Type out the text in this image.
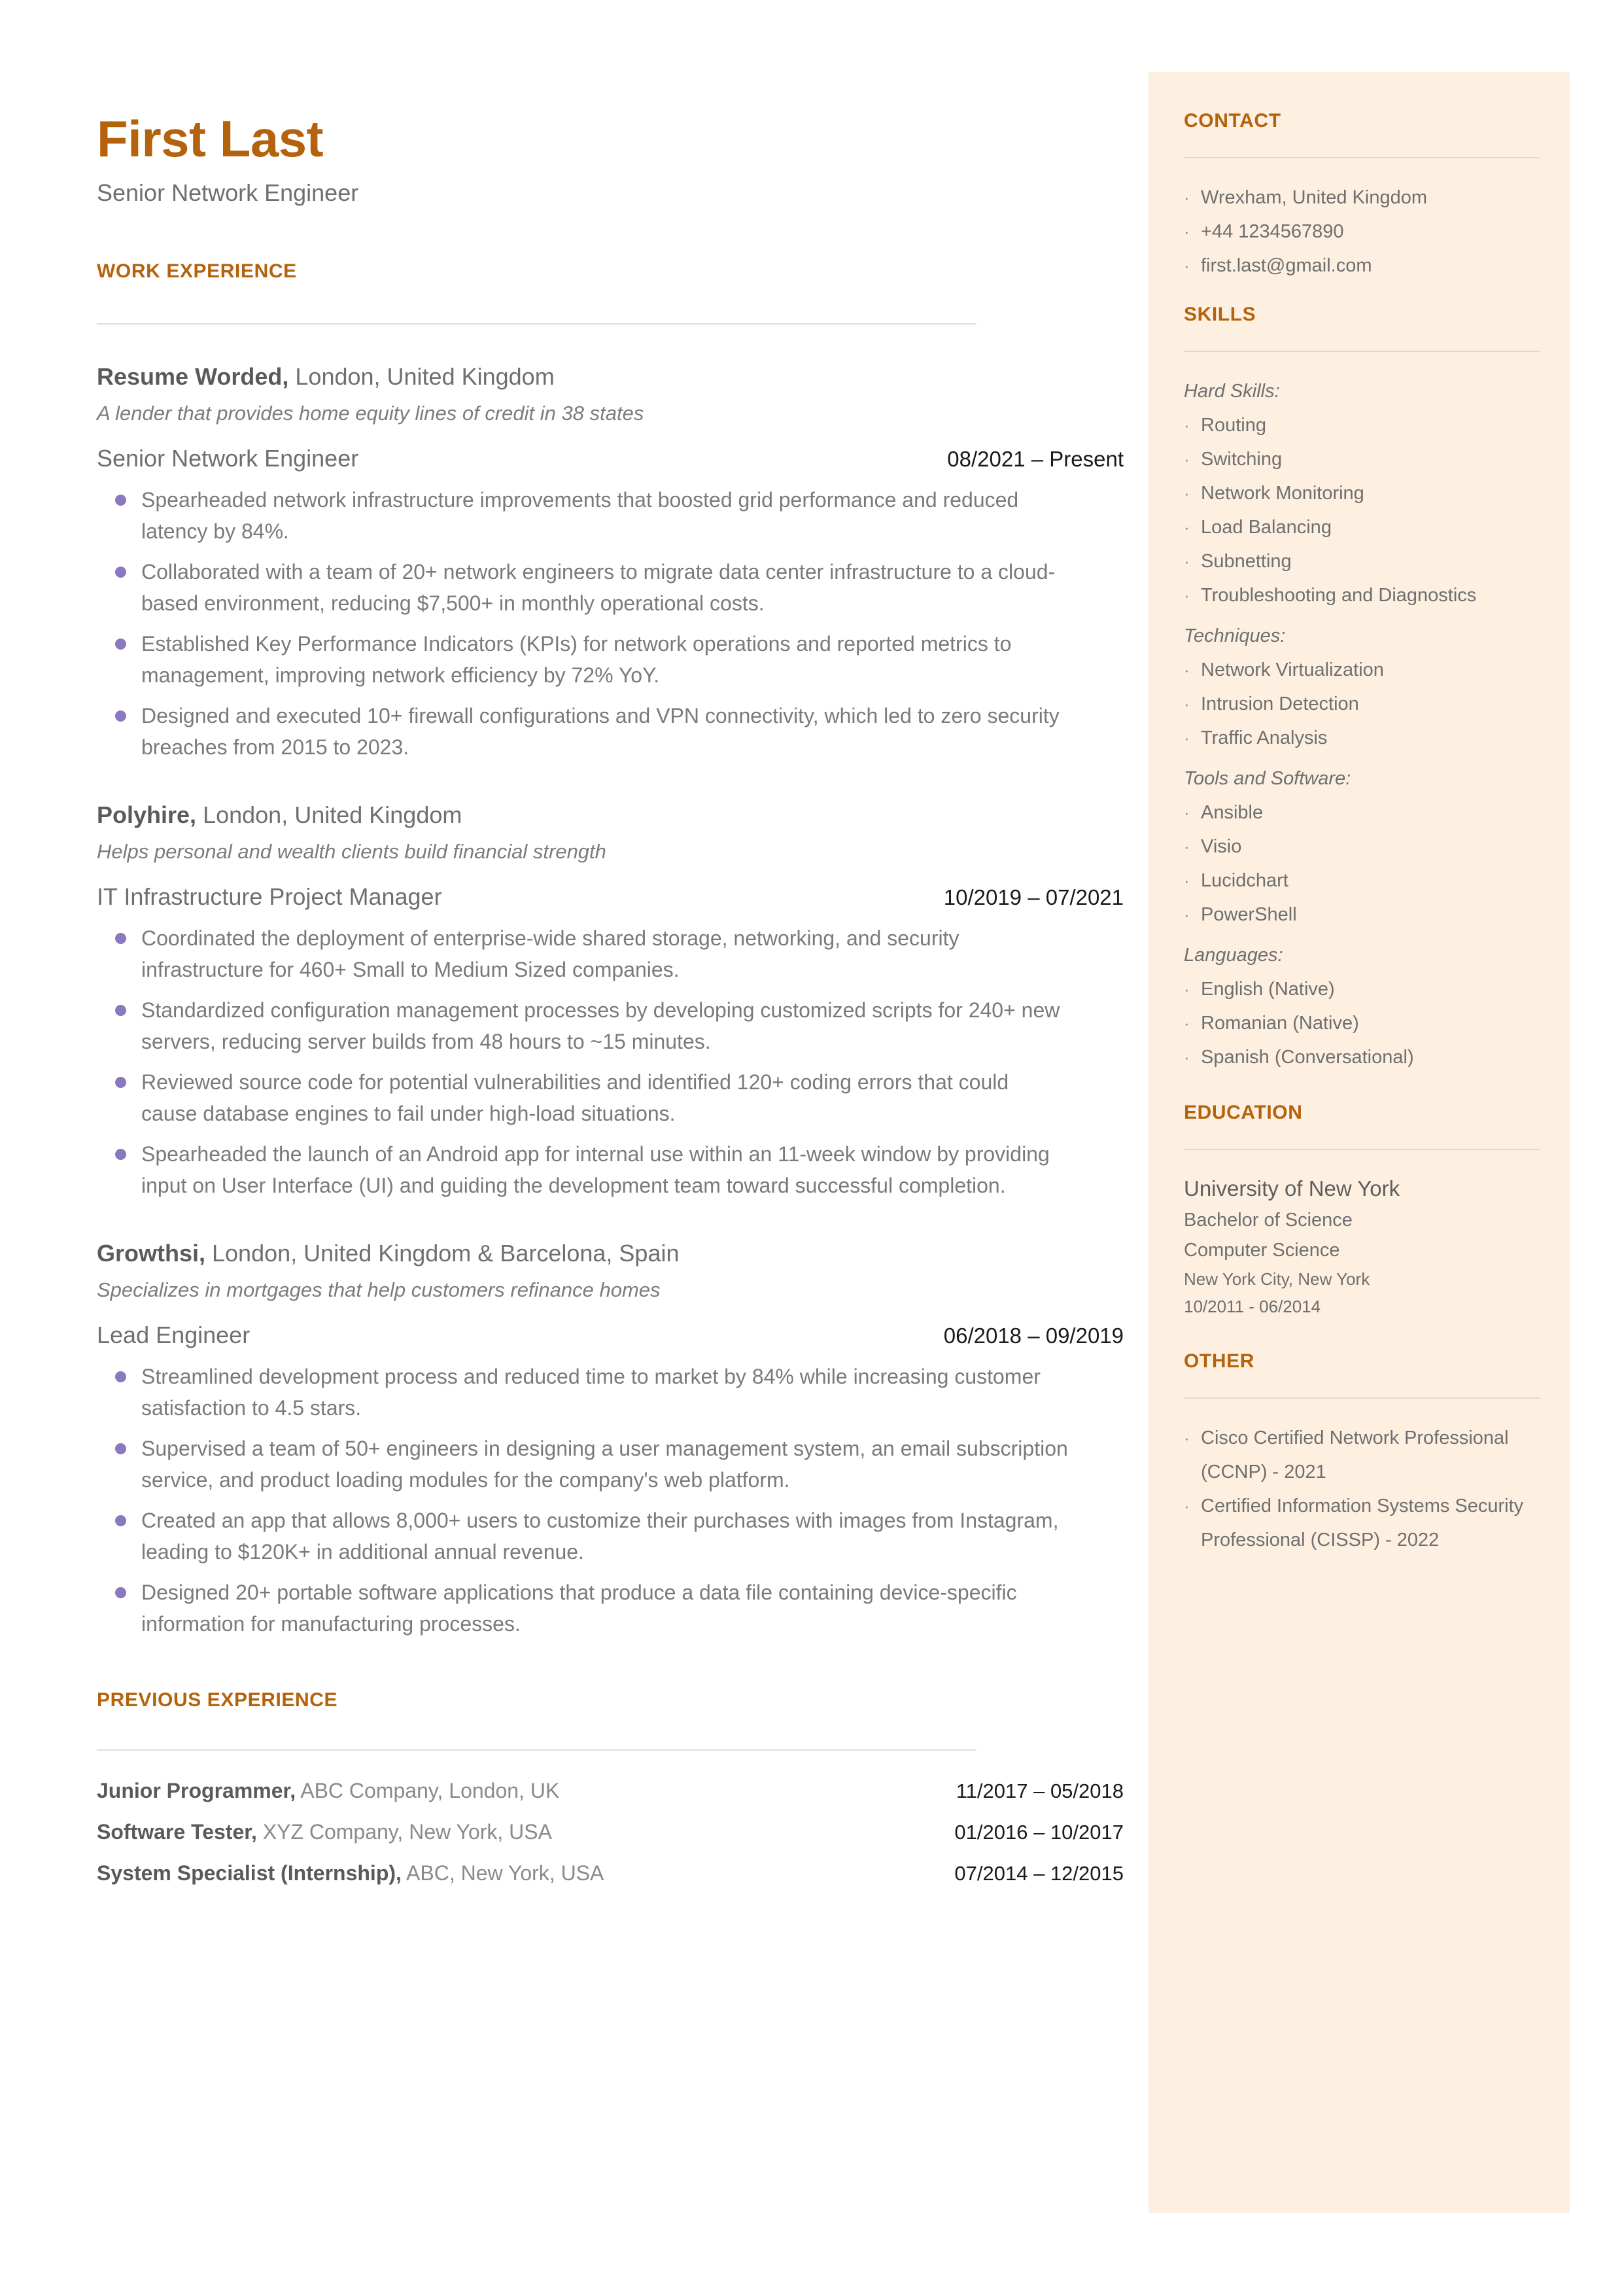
First Last
Senior Network Engineer
WORK EXPERIENCE
Resume Worded, London, United Kingdom
A lender that provides home equity lines of credit in 38 states
Senior Network Engineer	08/2021 – Present
Spearheaded network infrastructure improvements that boosted grid performance and reduced latency by 84%.
Collaborated with a team of 20+ network engineers to migrate data center infrastructure to a cloud-based environment, reducing $7,500+ in monthly operational costs.
Established Key Performance Indicators (KPIs) for network operations and reported metrics to management, improving network efficiency by 72% YoY.
Designed and executed 10+ firewall configurations and VPN connectivity, which led to zero security breaches from 2015 to 2023.
Polyhire, London, United Kingdom
Helps personal and wealth clients build financial strength
IT Infrastructure Project Manager	10/2019 – 07/2021
Coordinated the deployment of enterprise-wide shared storage, networking, and security infrastructure for 460+ Small to Medium Sized companies.
Standardized configuration management processes by developing customized scripts for 240+ new servers, reducing server builds from 48 hours to ~15 minutes.
Reviewed source code for potential vulnerabilities and identified 120+ coding errors that could cause database engines to fail under high-load situations.
Spearheaded the launch of an Android app for internal use within an 11-week window by providing input on User Interface (UI) and guiding the development team toward successful completion.
Growthsi, London, United Kingdom & Barcelona, Spain
Specializes in mortgages that help customers refinance homes
Lead Engineer	06/2018 – 09/2019
Streamlined development process and reduced time to market by 84% while increasing customer satisfaction to 4.5 stars.
Supervised a team of 50+ engineers in designing a user management system, an email subscription service, and product loading modules for the company's web platform.
Created an app that allows 8,000+ users to customize their purchases with images from Instagram, leading to $120K+ in additional annual revenue.
Designed 20+ portable software applications that produce a data file containing device-specific information for manufacturing processes.
PREVIOUS EXPERIENCE
Junior Programmer, ABC Company, London, UK	11/2017 – 05/2018
Software Tester, XYZ Company, New York, USA	01/2016 – 10/2017
System Specialist (Internship), ABC, New York, USA	07/2014 – 12/2015
CONTACT
· Wrexham, United Kingdom
· +44 1234567890
· first.last@gmail.com
SKILLS
Hard Skills:
· Routing
· Switching
· Network Monitoring
· Load Balancing
· Subnetting
· Troubleshooting and Diagnostics
Techniques:
· Network Virtualization
· Intrusion Detection
· Traffic Analysis
Tools and Software:
· Ansible
· Visio
· Lucidchart
· PowerShell
Languages:
· English (Native)
· Romanian (Native)
· Spanish (Conversational)
EDUCATION
University of New York
Bachelor of Science
Computer Science
New York City, New York
10/2011 - 06/2014
OTHER
· Cisco Certified Network Professional (CCNP) - 2021
· Certified Information Systems Security Professional (CISSP) - 2022
